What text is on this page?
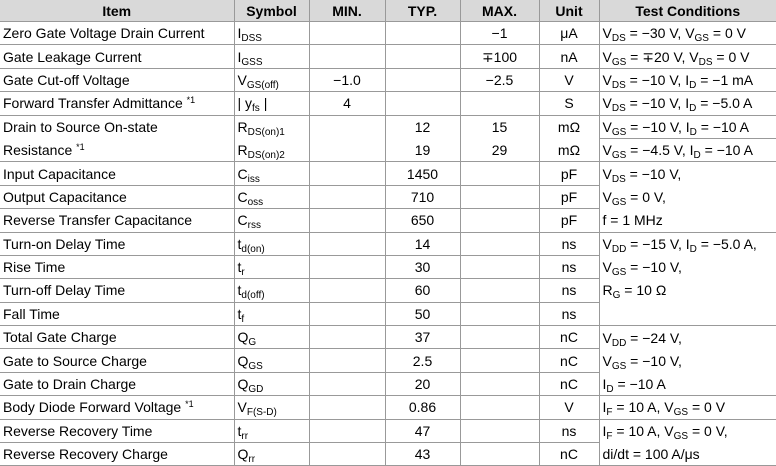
Item	Symbol	MIN.	TYP.	MAX.	Unit	Test Conditions
Zero Gate Voltage Drain Current	$I_{DSS}$			−1	μA	$V_{DS} = -30$ V, $V_{GS} = 0$ V
Gate Leakage Current	$I_{GSS}$			∓100	nA	$V_{GS} = \mp 20$ V, $V_{DS} = 0$ V
Gate Cut-off Voltage	$V_{GS(off)}$	−1.0		−2.5	V	$V_{DS} = -10$ V, $I_D = -1$ mA
Forward Transfer Admittance $^{*1}$	| $y_{fs}$ |	4			S	$V_{DS} = -10$ V, $I_D = -5.0$ A
Drain to Source On-state	$R_{DS(on)1}$		12	15	mΩ	$V_{GS} = -10$ V, $I_D = -10$ A
Resistance $^{*1}$	$R_{DS(on)2}$		19	29	mΩ	$V_{GS} = -4.5$ V, $I_D = -10$ A
Input Capacitance	$C_{iss}$		1450		pF	$V_{DS} = -10$ V,
Output Capacitance	$C_{oss}$		710		pF	$V_{GS} = 0$ V,
Reverse Transfer Capacitance	$C_{rss}$		650		pF	f = 1 MHz
Turn-on Delay Time	$t_{d(on)}$		14		ns	$V_{DD} = -15$ V, $I_D = -5.0$ A,
Rise Time	$t_r$		30		ns	$V_{GS} = -10$ V,
Turn-off Delay Time	$t_{d(off)}$		60		ns	$R_G = 10$ Ω
Fall Time	$t_f$		50		ns	
Total Gate Charge	$Q_G$		37		nC	$V_{DD} = -24$ V,
Gate to Source Charge	$Q_{GS}$		2.5		nC	$V_{GS} = -10$ V,
Gate to Drain Charge	$Q_{GD}$		20		nC	$I_D = -10$ A
Body Diode Forward Voltage $^{*1}$	$V_{F(S-D)}$		0.86		V	$I_F = 10$ A, $V_{GS} = 0$ V
Reverse Recovery Time	$t_{rr}$		47		ns	$I_F = 10$ A, $V_{GS} = 0$ V,
Reverse Recovery Charge	$Q_{rr}$		43		nC	di/dt = 100 A/μs
